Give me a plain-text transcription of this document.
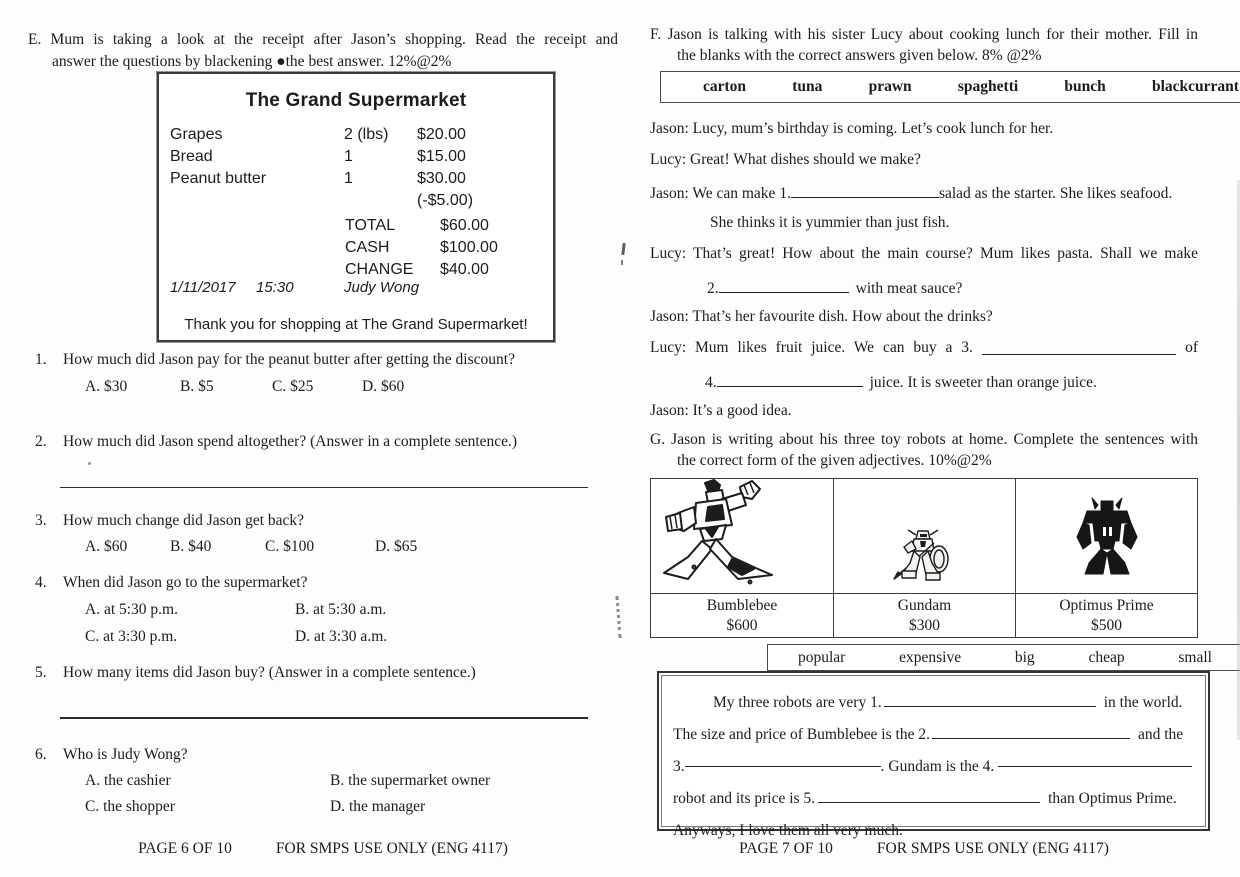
E. Mum is taking a look at the receipt after Jason’s shopping. Read the receipt and
answer the questions by blackening ●the best answer. 12%@2%
The Grand Supermarket
Grapes	2 (lbs)	$20.00
Bread	1	$15.00
Peanut butter	1	$30.00
(-$5.00)
TOTAL	$60.00
CASH	$100.00
CHANGE	$40.00
1/11/2017	15:30	Judy Wong
Thank you for shopping at The Grand Supermarket!
1.	How much did Jason pay for the peanut butter after getting the discount?
A. $30	B. $5	C. $25	D. $60
2.	How much did Jason spend altogether? (Answer in a complete sentence.)
3.	How much change did Jason get back?
A. $60	B. $40	C. $100	D. $65
4.	When did Jason go to the supermarket?
A. at 5:30 p.m.	B. at 5:30 a.m.
C. at 3:30 p.m.	D. at 3:30 a.m.
5.	How many items did Jason buy? (Answer in a complete sentence.)
6.	Who is Judy Wong?
A. the cashier	B. the supermarket owner
C. the shopper	D. the manager
PAGE 6 OF 10	FOR SMPS USE ONLY (ENG 4117)
F. Jason is talking with his sister Lucy about cooking lunch for their mother. Fill in
the blanks with the correct answers given below. 8% @2%
carton	tuna	prawn	spaghetti	bunch	blackcurrant
Jason: Lucy, mum’s birthday is coming. Let’s cook lunch for her.
Lucy: Great! What dishes should we make?
Jason: We can make 1.	salad as the starter. She likes seafood.
She thinks it is yummier than just fish.
Lucy: That’s great! How about the main course? Mum likes pasta. Shall we make
2.	with meat sauce?
Jason: That’s her favourite dish. How about the drinks?
Lucy: Mum likes fruit juice. We can buy a 3.	of
4.	juice. It is sweeter than orange juice.
Jason: It’s a good idea.
G. Jason is writing about his three toy robots at home. Complete the sentences with
the correct form of the given adjectives. 10%@2%
Bumblebee
$600
Gundam
$300
Optimus Prime
$500
popular	expensive	big	cheap	small
My three robots are very 1.	in the world.
The size and price of Bumblebee is the 2.	and the
3.	. Gundam is the 4.
robot and its price is 5.	than Optimus Prime.
Anyways, I love them all very much.
PAGE 7 OF 10	FOR SMPS USE ONLY (ENG 4117)
